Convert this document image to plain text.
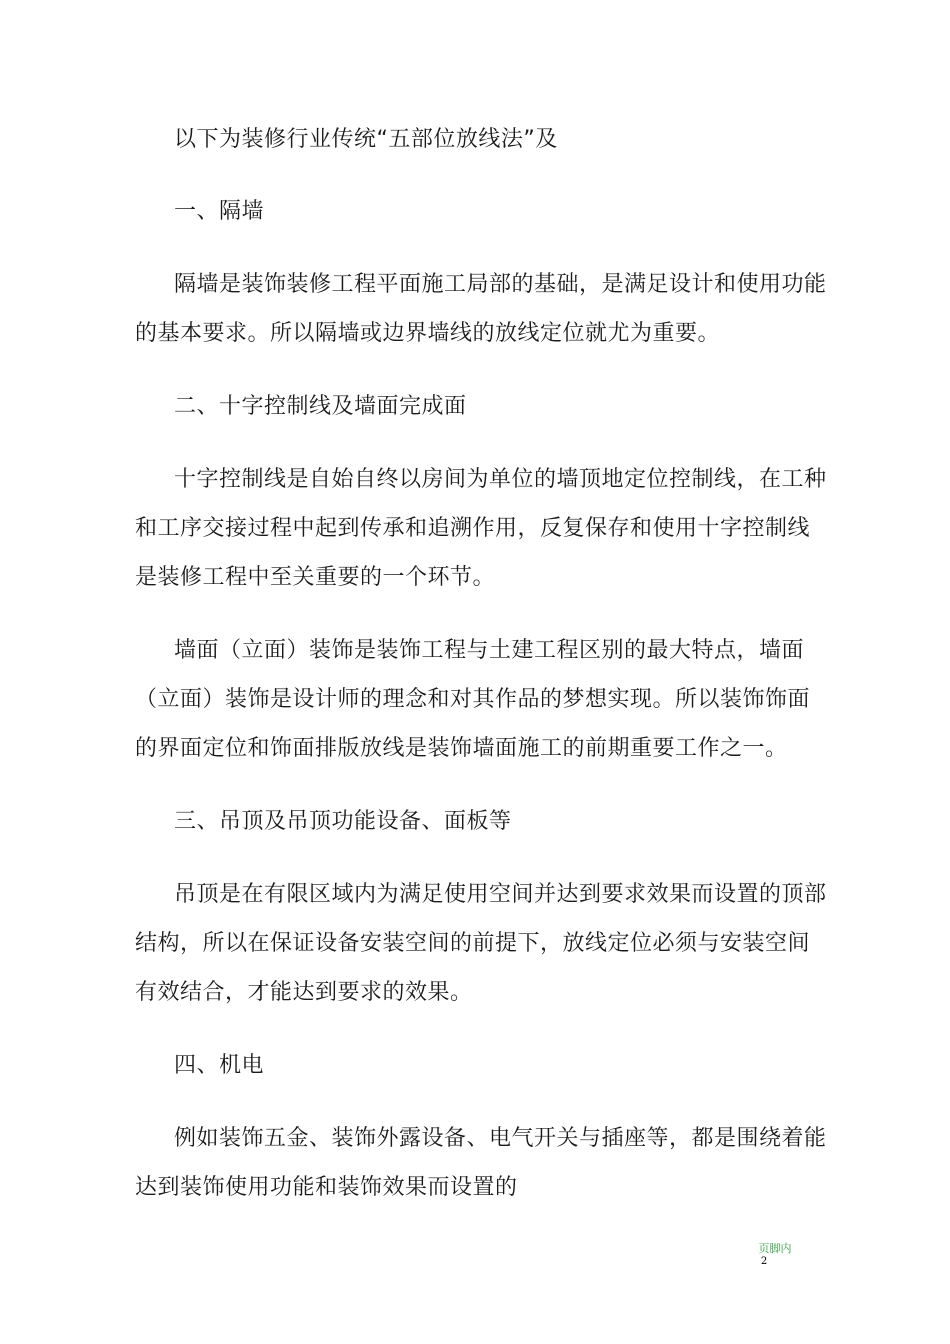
以下为装修行业传统“五部位放线法”及
一、隔墙
隔墙是装饰装修工程平面施工局部的基础，是满足设计和使用功能
的基本要求。所以隔墙或边界墙线的放线定位就尤为重要。
二、十字控制线及墙面完成面
十字控制线是自始自终以房间为单位的墙顶地定位控制线，在工种
和工序交接过程中起到传承和追溯作用，反复保存和使用十字控制线
是装修工程中至关重要的一个环节。
墙面（立面）装饰是装饰工程与土建工程区别的最大特点，墙面
（立面）装饰是设计师的理念和对其作品的梦想实现。所以装饰饰面
的界面定位和饰面排版放线是装饰墙面施工的前期重要工作之一。
三、吊顶及吊顶功能设备、面板等
吊顶是在有限区域内为满足使用空间并达到要求效果而设置的顶部
结构，所以在保证设备安装空间的前提下，放线定位必须与安装空间
有效结合，才能达到要求的效果。
四、机电
例如装饰五金、装饰外露设备、电气开关与插座等，都是围绕着能
达到装饰使用功能和装饰效果而设置的
页脚内
2
